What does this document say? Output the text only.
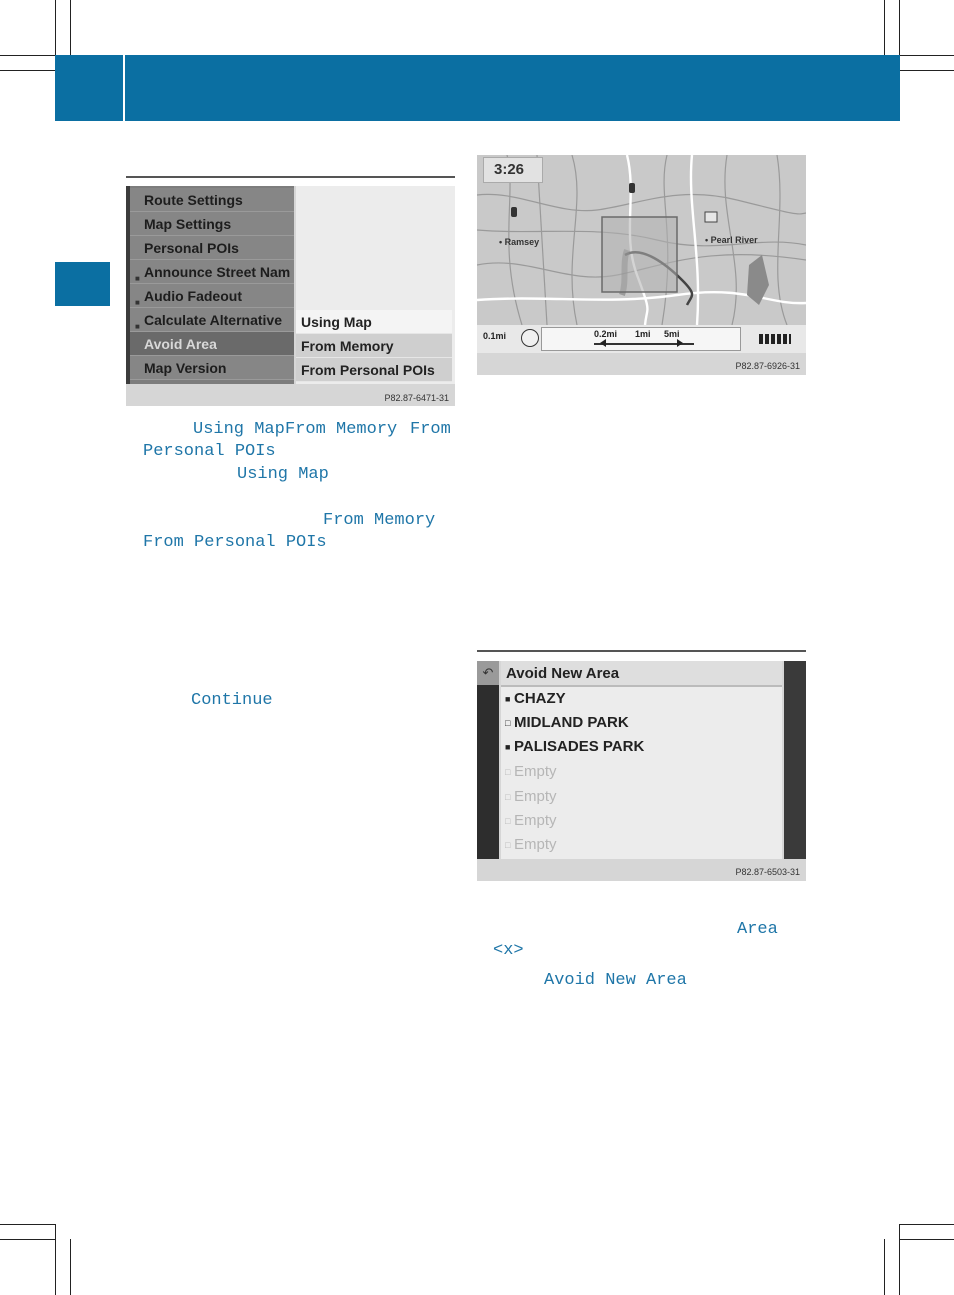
Route Settings
Map Settings
Personal POIs
■ Announce Street Nam
■ Audio Fadeout
■ Calculate Alternative
Avoid Area
Map Version
Using Map
From Memory
From Personal POIs
P82.87-6471-31
Using Map From Memory From
Personal POIs
Using Map
From Memory
From Personal POIs
Continue
3:26
• Ramsey	• Pearl River
0.1mi	0.2mi 1mi 5mi
P82.87-6926-31
↶ Avoid New Area
■ CHAZY
□ MIDLAND PARK
■ PALISADES PARK
□ Empty
□ Empty
□ Empty
□ Empty
P82.87-6503-31
Area
<x>
Avoid New Area
